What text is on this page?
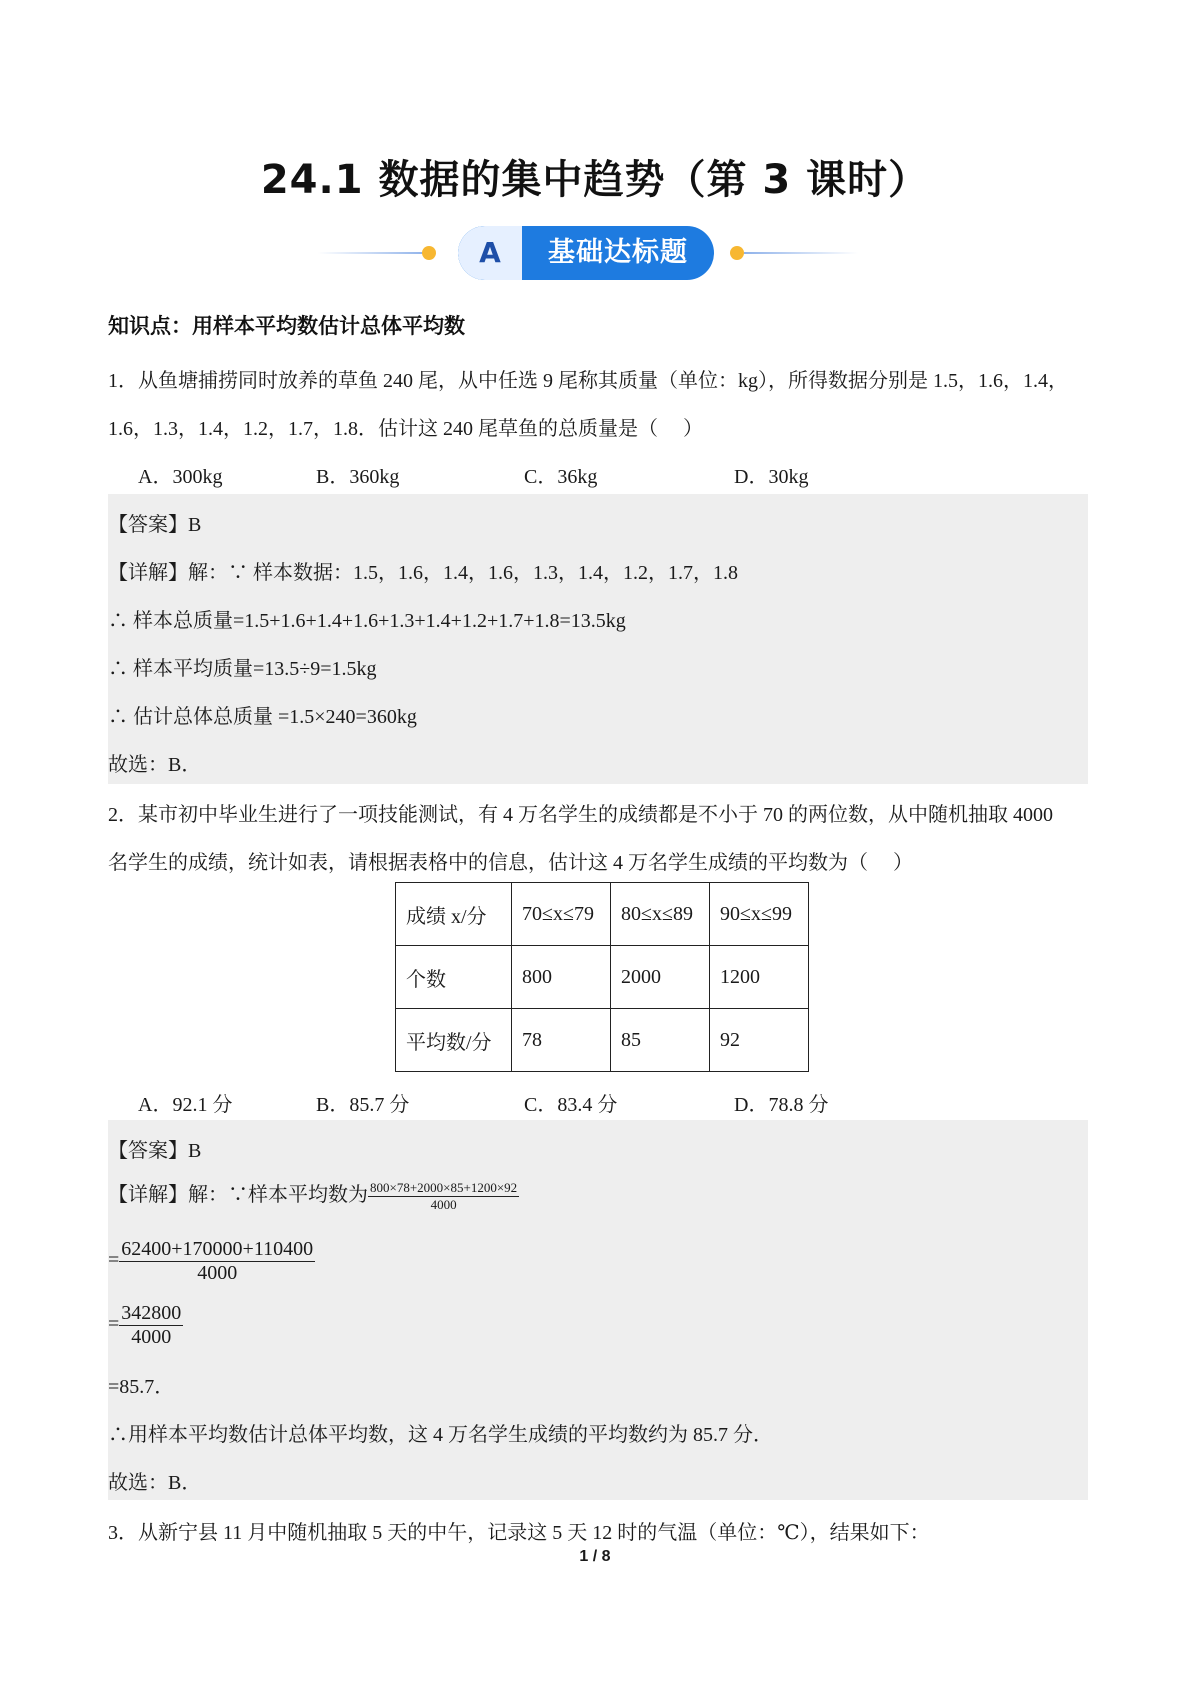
24.1 数据的集中趋势（第 3 课时）
A	基础达标题
知识点：用样本平均数估计总体平均数
1．从鱼塘捕捞同时放养的草鱼 240 尾，从中任选 9 尾称其质量（单位：kg），所得数据分别是 1.5，1.6，1.4，
1.6，1.3，1.4，1.2，1.7，1.8．估计这 240 尾草鱼的总质量是（　 ）
A．300kg	B．360kg	C．36kg	D．30kg
【答案】B
【详解】解：∵ 样本数据：1.5，1.6，1.4，1.6，1.3，1.4，1.2，1.7，1.8
∴ 样本总质量=1.5+1.6+1.4+1.6+1.3+1.4+1.2+1.7+1.8=13.5kg
∴ 样本平均质量=13.5÷9=1.5kg
∴ 估计总体总质量 =1.5×240=360kg
故选：B．
2．某市初中毕业生进行了一项技能测试，有 4 万名学生的成绩都是不小于 70 的两位数，从中随机抽取 4000
名学生的成绩，统计如表，请根据表格中的信息，估计这 4 万名学生成绩的平均数为（　 ）
成绩 x/分	70≤x≤79	80≤x≤89	90≤x≤99
个数	800	2000	1200
平均数/分	78	85	92
A．92.1 分	B．85.7 分	C．83.4 分	D．78.8 分
【答案】B
【详解】解：∵样本平均数为 $\frac{800\times 78+2000\times 85+1200\times 92}{4000}$
= $\frac{62400+170000+110400}{4000}$
= $\frac{342800}{4000}$
=85.7．
∴用样本平均数估计总体平均数，这 4 万名学生成绩的平均数约为 85.7 分．
故选：B．
3．从新宁县 11 月中随机抽取 5 天的中午，记录这 5 天 12 时的气温（单位：℃），结果如下：
1 / 8
